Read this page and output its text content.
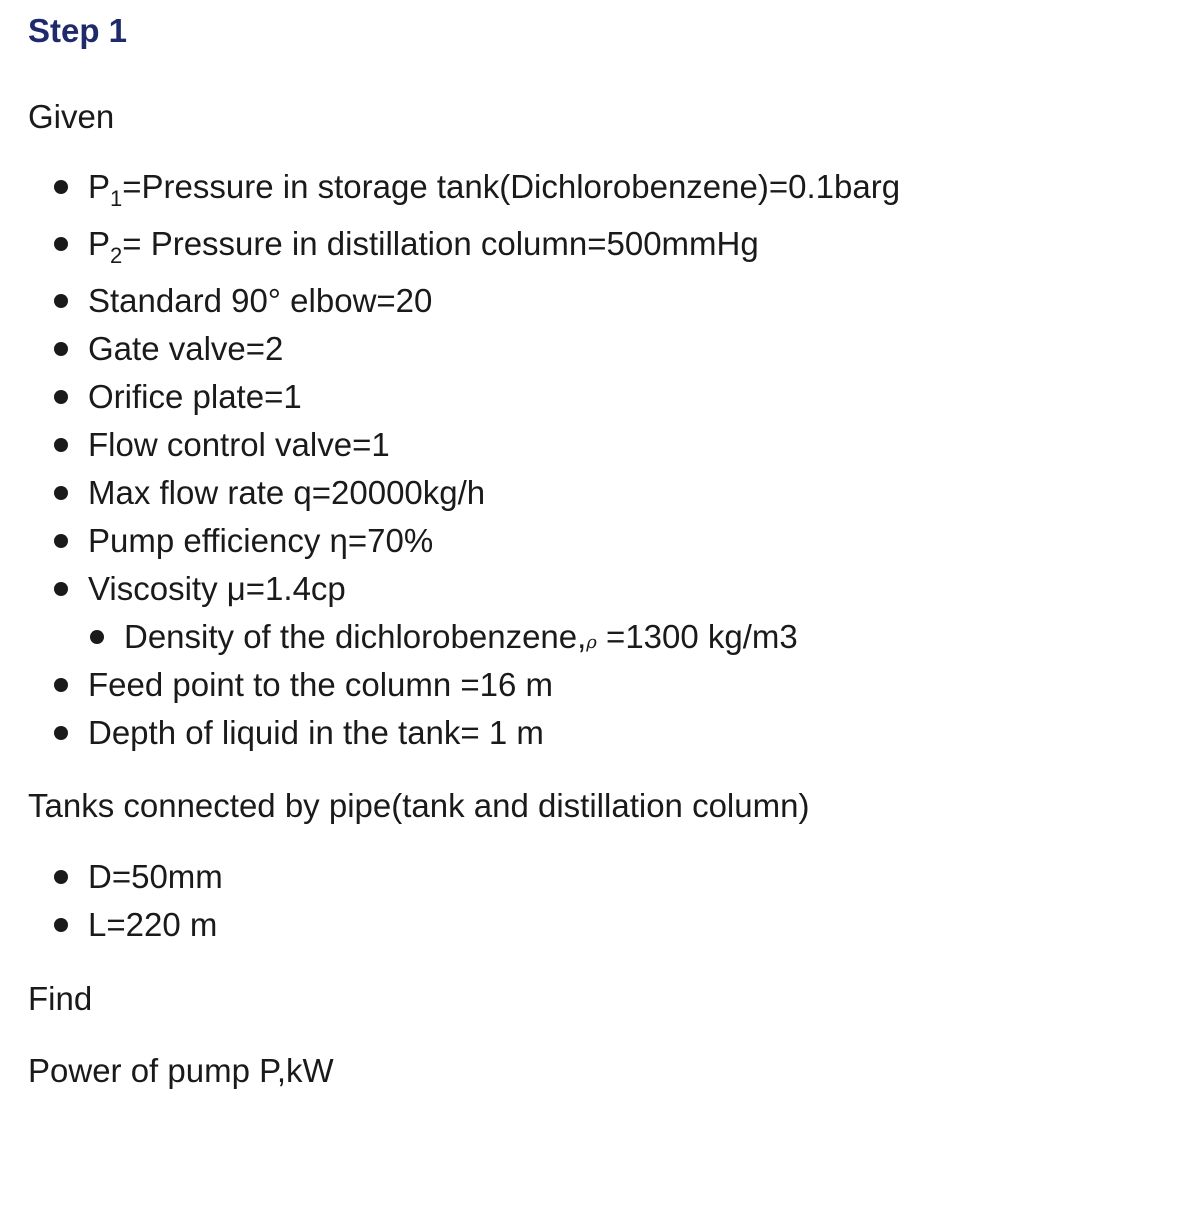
Step 1
Given
$P_1=Pressure$ in storage tank(Dichlorobenzene)=0.1barg
$P_2=$ Pressure in distillation column=500mmHg
Standard 90° elbow=20
Gate valve=2
Orifice plate=1
Flow control valve=1
Max flow rate q=20000kg/h
Pump efficiency η=70%
Viscosity μ=1.4cp
Density of the dichlorobenzene,ρ =1300 kg/m3
Feed point to the column =16 m
Depth of liquid in the tank= 1 m
Tanks connected by pipe(tank and distillation column)
D=50mm
L=220 m
Find
Power of pump P,kW
